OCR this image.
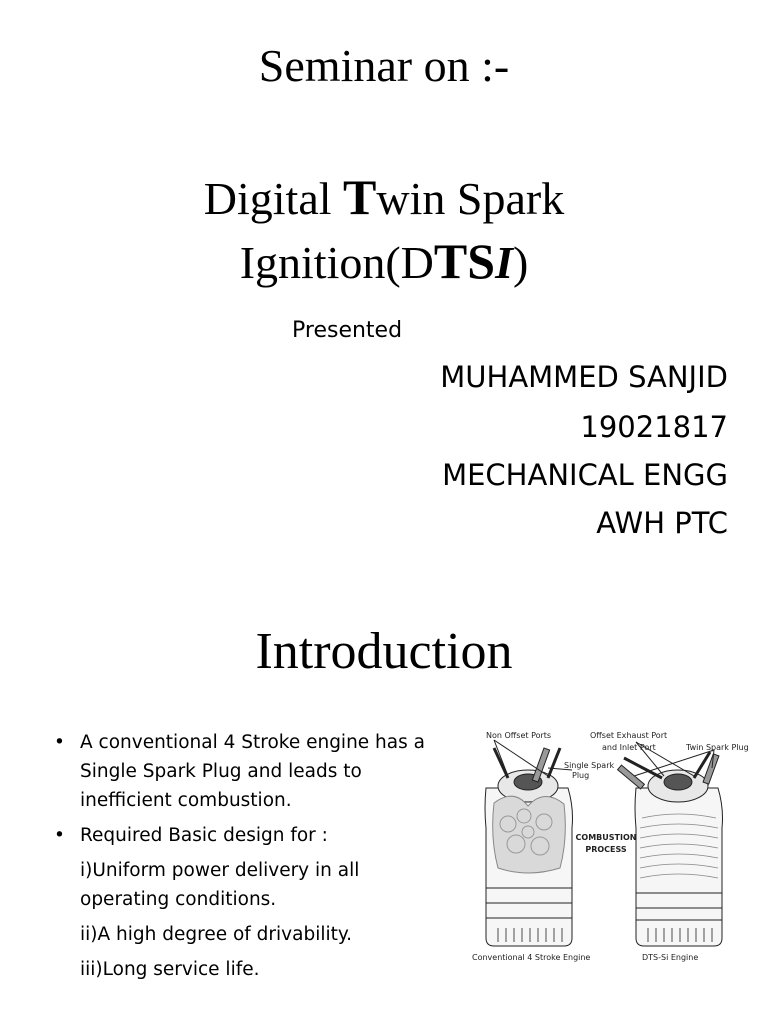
Seminar on :-
Digital Twin Spark
Ignition(DTSI)
Presented
MUHAMMED SANJID
19021817
MECHANICAL ENGG
AWH PTC
Introduction
• A conventional 4 Stroke engine has a Single Spark Plug and leads to inefficient combustion.
• Required Basic design for :
i)Uniform power delivery in all operating conditions.
ii)A high degree of drivability.
iii)Long service life.
Non Offset Ports	Offset Exhaust Port
and Inlet Port	Twin Spark Plug
Single Spark
Plug
COMBUSTION
PROCESS
Conventional 4 Stroke Engine	DTS-Si Engine
